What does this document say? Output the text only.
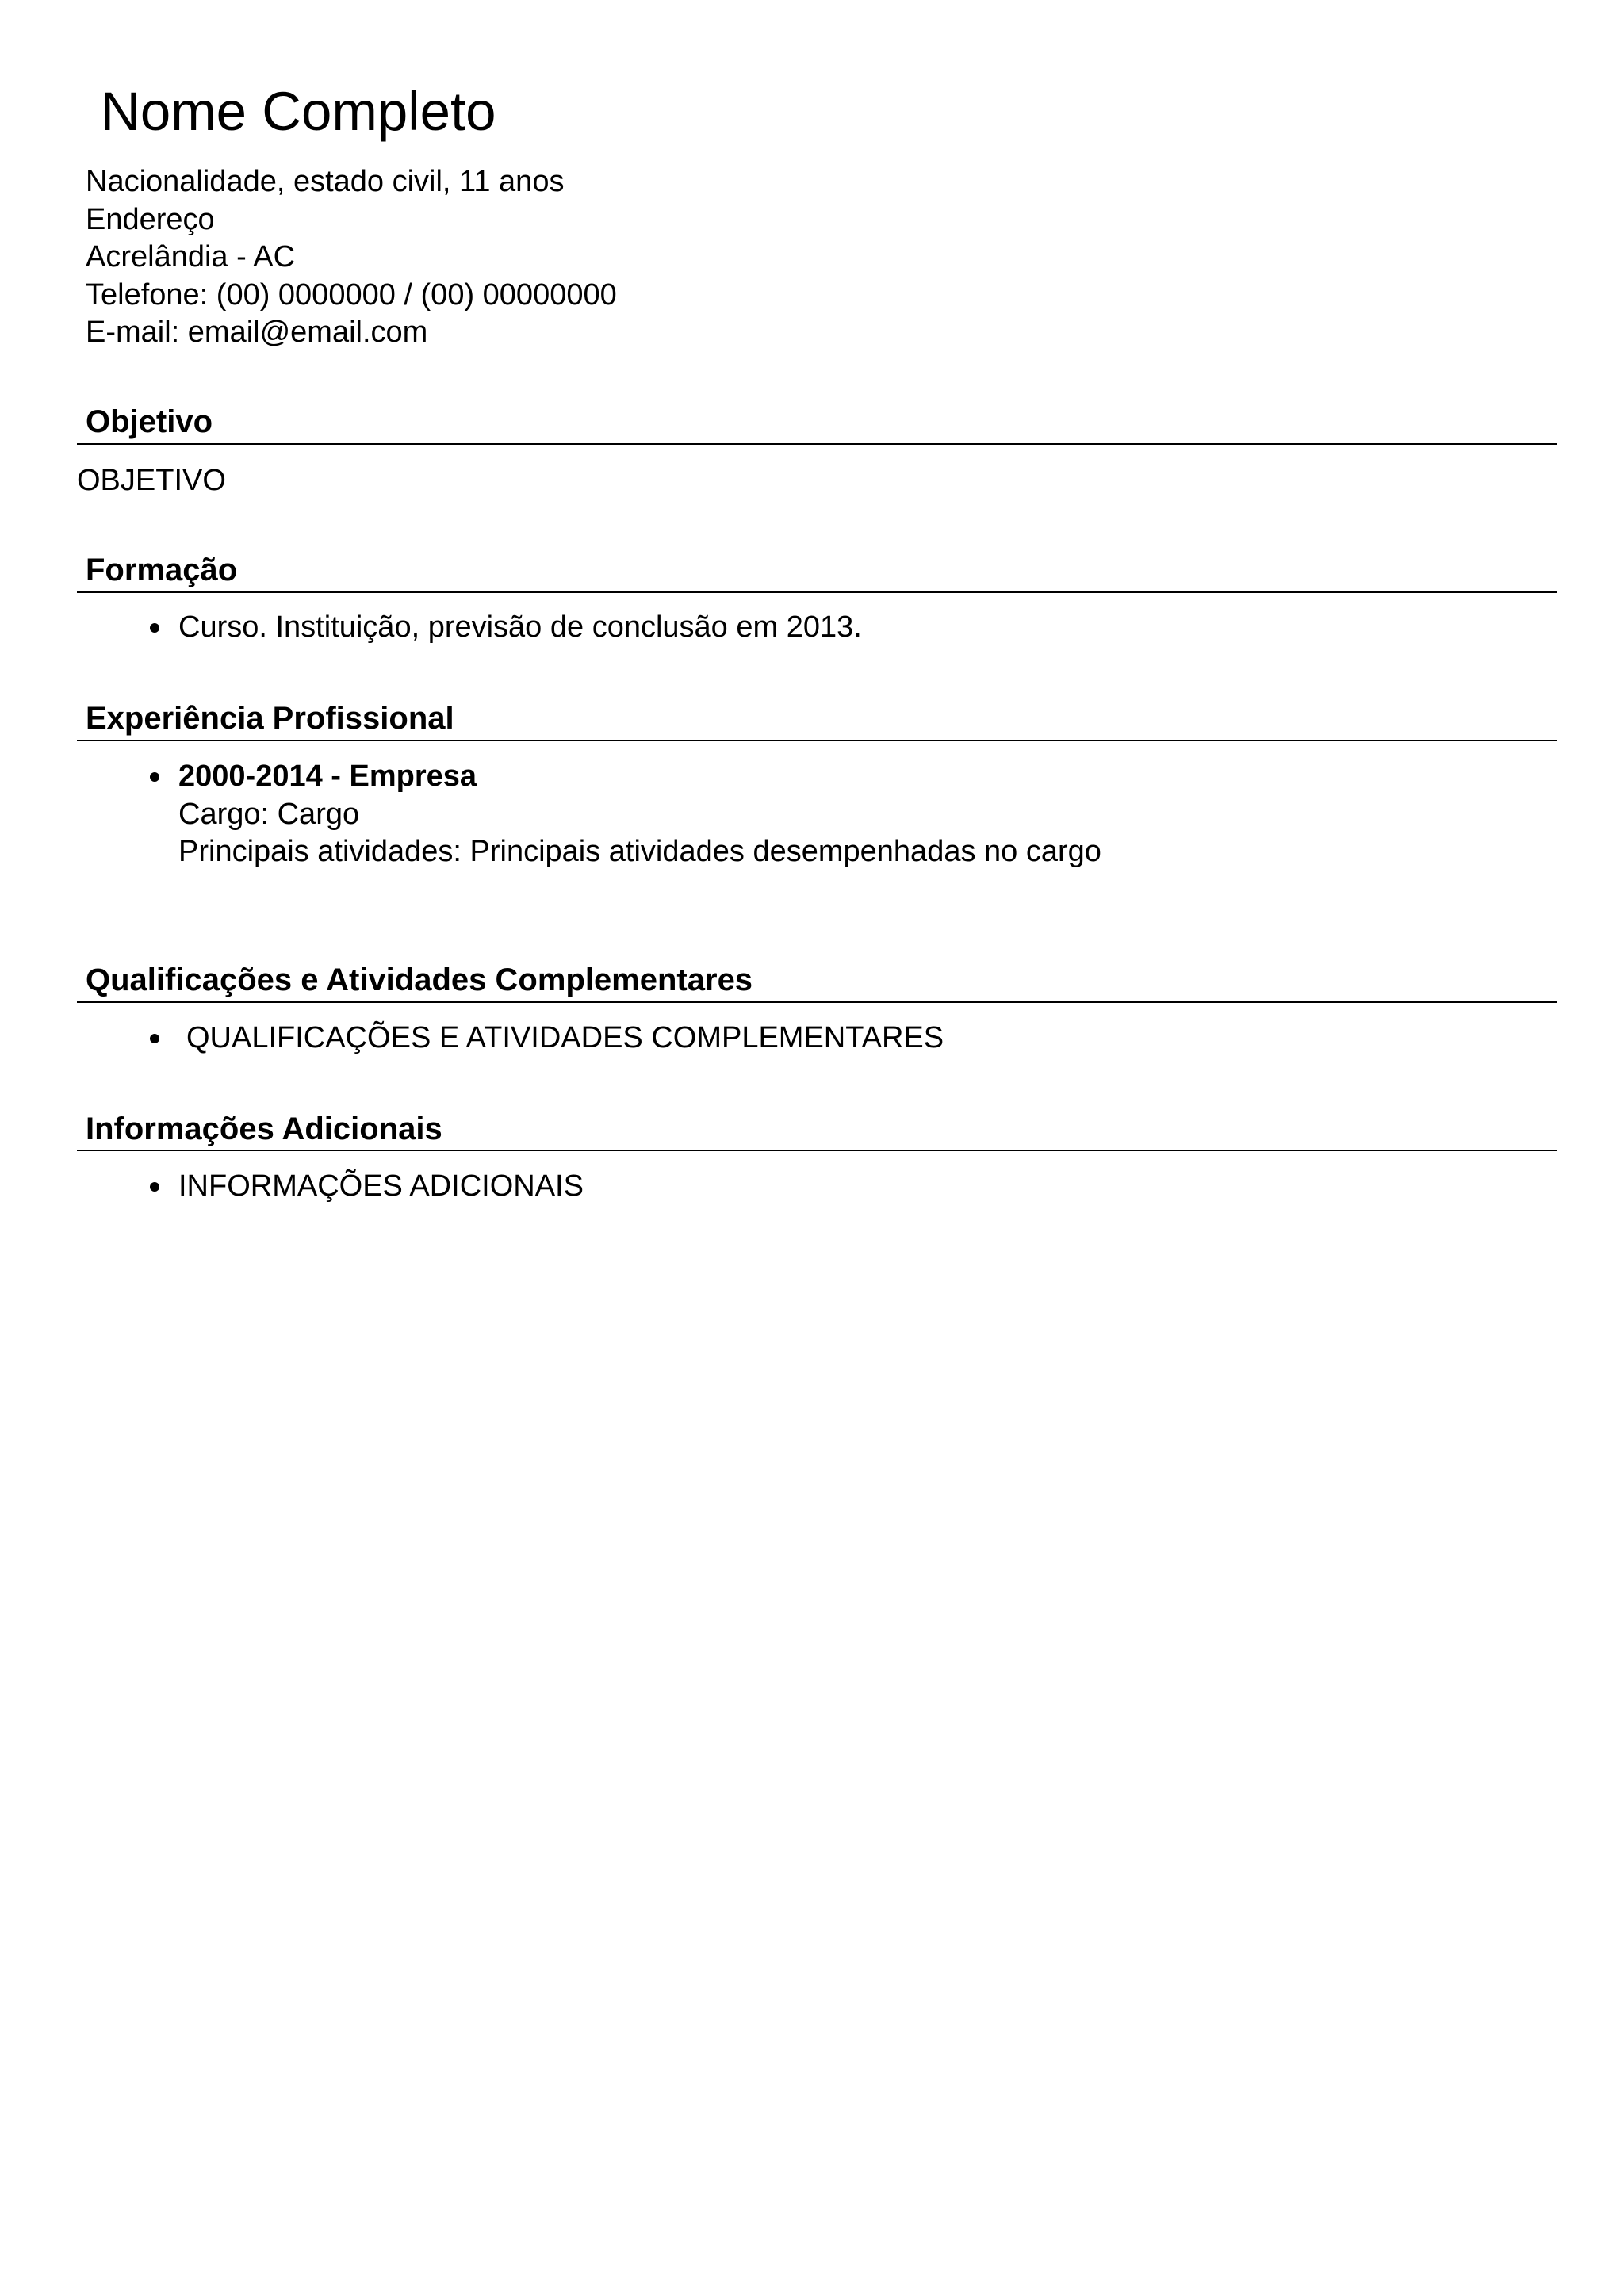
Nome Completo
Nacionalidade, estado civil, 11 anos
Endereço
Acrelândia - AC
Telefone: (00) 0000000 / (00) 00000000
E-mail: email@email.com
Objetivo
OBJETIVO
Formação
Curso. Instituição, previsão de conclusão em 2013.
Experiência Profissional
2000-2014 - Empresa
Cargo: Cargo
Principais atividades: Principais atividades desempenhadas no cargo
Qualificações e Atividades Complementares
QUALIFICAÇÕES E ATIVIDADES COMPLEMENTARES
Informações Adicionais
INFORMAÇÕES ADICIONAIS
